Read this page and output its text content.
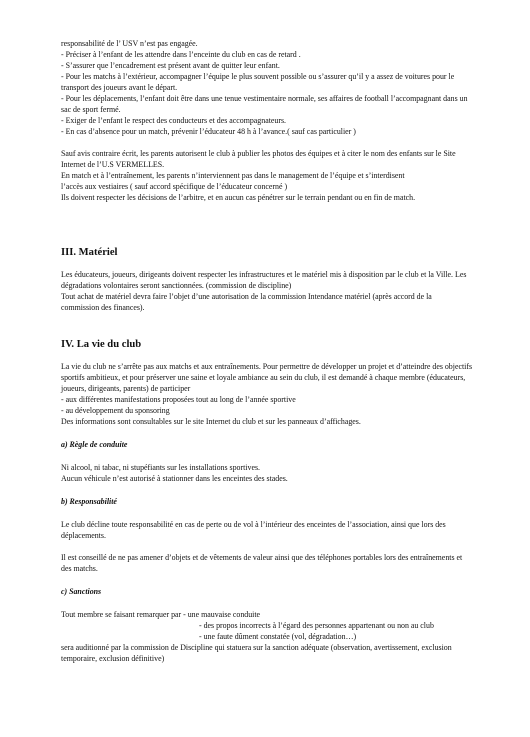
responsabilité de l’ USV n’est pas engagée.
- Préciser à l’enfant de les attendre dans l’enceinte du club en cas de retard .
- S’assurer que l’encadrement est présent avant de quitter leur enfant.
- Pour les matchs à l’extérieur, accompagner l’équipe le plus souvent possible ou s’assurer qu’il y a assez de voitures pour le
transport des joueurs avant le départ.
- Pour les déplacements, l’enfant doit être dans une tenue vestimentaire normale, ses affaires de football l’accompagnant dans un
sac de sport fermé.
- Exiger de l’enfant le respect des conducteurs et des accompagnateurs.
- En cas d’absence pour un match, prévenir l’éducateur 48 h à l’avance.( sauf cas particulier )
Sauf avis contraire écrit, les parents autorisent le club à publier les photos des équipes et à citer le nom des enfants sur le Site
Internet de l’U.S VERMELLES.
En match et à l’entraînement, les parents n’interviennent pas dans le management de l’équipe et s’interdisent
l’accès aux vestiaires ( sauf accord spécifique de l’éducateur concerné )
Ils doivent respecter les décisions de l’arbitre, et en aucun cas pénétrer sur le terrain pendant ou en fin de match.
III. Matériel
Les éducateurs, joueurs, dirigeants doivent respecter les infrastructures et le matériel mis à disposition par le club et la Ville. Les
dégradations volontaires seront sanctionnées. (commission de discipline)
Tout achat de matériel devra faire l’objet d’une autorisation de la commission Intendance matériel (après accord de la
commission des finances).
IV. La vie du club
La vie du club ne s’arrête pas aux matchs et aux entraînements. Pour permettre de développer un projet et d’atteindre des objectifs
sportifs ambitieux, et pour préserver une saine et loyale ambiance au sein du club, il est demandé à chaque membre (éducateurs,
joueurs, dirigeants, parents) de participer
- aux différentes manifestations proposées tout au long de l’année sportive
- au développement du sponsoring
Des informations sont consultables sur le site Internet du club et sur les panneaux d’affichages.
a) Règle de conduite
Ni alcool, ni tabac, ni stupéfiants sur les installations sportives.
Aucun véhicule n’est autorisé à stationner dans les enceintes des stades.
b) Responsabilité
Le club décline toute responsabilité en cas de perte ou de vol à l’intérieur des enceintes de l’association, ainsi que lors des
déplacements.
Il est conseillé de ne pas amener d’objets et de vêtements de valeur ainsi que des téléphones portables lors des entraînements et
des matchs.
c) Sanctions
Tout membre se faisant remarquer par - une mauvaise conduite
- des propos incorrects à l’égard des personnes appartenant ou non au club
- une faute dûment constatée (vol, dégradation…)
sera auditionné par la commission de Discipline qui statuera sur la sanction adéquate (observation, avertissement, exclusion
temporaire, exclusion définitive)
